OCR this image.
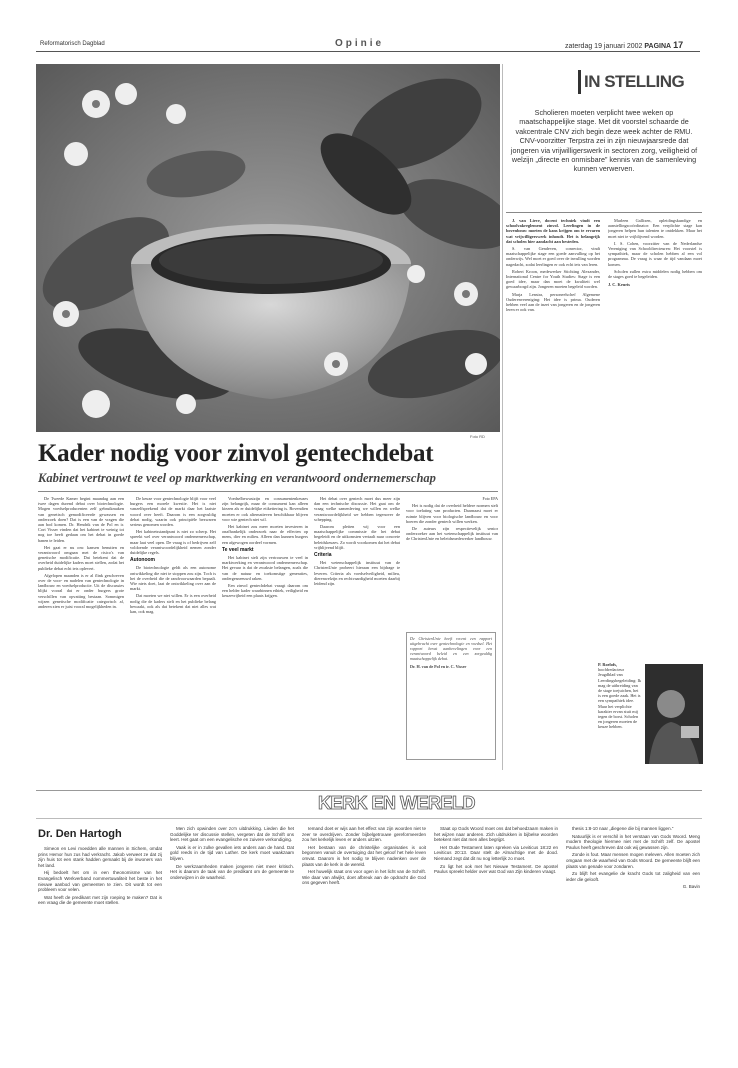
Reformatorisch Dagblad	Opinie	zaterdag 19 januari 2002 PAGINA 17
Foto RD
Kader nodig voor zinvol gentechdebat
Kabinet vertrouwt te veel op marktwerking en verantwoord ondernemerschap

De Tweede Kamer begint maandag aan een twee dagen durend debat over biotechnologie. Mogen voedselproducenten zelf gebruikmaken van genetisch gemodificeerde gewassen en onderzoek doen? Dat is een van de vragen die aan bod komen. Dr. Hendrik van de Pol en ir. Cort Visser vinden dat het kabinet te weinig tot nog toe heeft gedaan om het debat in goede banen te leiden.

Het gaat er nu om: kansen benutten en verantwoord omgaan met de risico's van genetische modificatie. Dat betekent dat de overheid duidelijke kaders moet stellen, zodat het publieke debat echt iets oplevert.

Afgelopen maanden is er al flink geschreven over de voor- en nadelen van gentechnologie in landbouw en voedselproductie. Uit de discussies blijkt vooral dat er onder burgers grote verschillen van opvatting bestaan. Sommigen wijzen genetische modificatie categorisch af, anderen zien er juist vooral mogelijkheden in.

De keuze voor gentechnologie blijft voor veel burgers een morele kwestie. Het is niet vanzelfsprekend dat de markt daar het laatste woord over heeft. Daarom is een zorgvuldig debat nodig, waarin ook principiële bezwaren serieus genomen worden.

Het kabinetsstandpunt is niet zo scherp. Het spreekt wel over verantwoord ondernemerschap, maar laat veel open. De vraag is of bedrijven zelf voldoende verantwoordelijkheid nemen zonder duidelijke regels.

Autonoom

De biotechnologie geldt als een autonome ontwikkeling die niet te stoppen zou zijn. Toch is het de overheid die de randvoorwaarden bepaalt. Wie niets doet, laat de ontwikkeling over aan de markt.

Dat moeten we niet willen. Er is een overheid nodig die de kaders stelt en het publieke belang bewaakt, ook als dat betekent dat niet alles wat kan, ook mag.

Voedselbewustzijn en consumentenkeuzes zijn belangrijk, maar de consument kan alleen kiezen als er duidelijke etikettering is. Bovendien moeten er ook alternatieven beschikbaar blijven voor wie gentech niet wil.

Het kabinet zou meer moeten investeren in onafhankelijk onderzoek naar de effecten op mens, dier en milieu. Alleen dan kunnen burgers een afgewogen oordeel vormen.

Te veel markt

Het kabinet stelt zijn vertrouwen te veel in marktwerking en verantwoord ondernemerschap. Het gevaar is dat de zwakste belangen, zoals die van de natuur en toekomstige generaties, ondergesneeuwd raken.

Een zinvol gentechdebat vraagt daarom om een helder kader waarbinnen ethiek, veiligheid en keuzevrijheid een plaats krijgen.

Het debat over gentech moet dus meer zijn dan een technische discussie. Het gaat om de vraag welke samenleving we willen en welke verantwoordelijkheid we hebben tegenover de schepping.

Daarom pleiten wij voor een maatschappelijke commissie die het debat begeleidt en de uitkomsten vertaalt naar concrete beleidskeuzes. Zo wordt voorkomen dat het debat vrijblijvend blijft.

Criteria

Het wetenschappelijk instituut van de ChristenUnie probeert hieraan een bijdrage te leveren. Criteria als voedselveiligheid, milieu, dierenwelzijn en rechtvaardigheid moeten daarbij leidend zijn.

Foto EPA

Het is nodig dat de overheid heldere normen stelt voor toelating van producten. Daarnaast moet er ruimte blijven voor biologische landbouw en voor boeren die zonder gentech willen werken.

De auteurs zijn respectievelijk senior onderzoeker aan het wetenschappelijk instituut van de ChristenUnie en beleidsmedewerker landbouw.

De ChristenUnie heeft recent een rapport uitgebracht over gentechnologie en voedsel. Het rapport bevat aanbevelingen voor een verantwoord beleid en een zorgvuldig maatschappelijk debat.
Dr. H. van de Pol en ir. C. Visser
IN STELLING
Scholieren moeten verplicht twee weken op maatschappelijke stage. Met dit voorstel schaarde de vakcentrale CNV zich begin deze week achter de RMU. CNV-voorzitter Terpstra zei in zijn nieuwjaarsrede dat jongeren via vrijwilligerswerk in sectoren zorg, veiligheid of welzijn „directe en onmisbare” kennis van de samenleving kunnen verwerven.

J. van Lieve, docent techniek vindt een schoolvakreglement zinvol. Leerlingen in de bovenbouw moeten de kans krijgen om te ervaren wat vrijwilligerswerk inhoudt. Het is belangrijk dat scholen hier aandacht aan besteden.

S. van Gendeven, conrector, vindt maatschappelijke stage een goede aanvulling op het onderwijs. Wel moet er goed over de invulling worden nagedacht, zodat leerlingen er ook echt iets van leren.

Robert Kroon, medewerker Stichting Alexander, International Centre for Youth Studies: Stage is een goed idee, maar dan moet de kwaliteit wel gewaarborgd zijn. Jongeren moeten begeleid worden.

Marja Lenstra, personeelschef Algemene Ouderenvereniging: Het idee is prima. Ouderen hebben veel aan de inzet van jongeren en de jongeren leren er ook van.

Marleen Gallixen, opleidingskundige en aanstellingscoördinator: Een verplichte stage kan jongeren helpen hun talenten te ontdekken. Maar het moet niet te vrijblijvend worden.

I. S. Cohen, voorzitter van de Nederlandse Vereniging van Schooldirecteuren: Het voorstel is sympathiek, maar de scholen hebben al een vol programma. De vraag is waar de tijd vandaan moet komen.

Scholen zullen extra middelen nodig hebben om de stages goed te begeleiden.

J. C. Keuris
P. Roelofs,
hoofdredacteur Jeugdblad van Leerdingsbegeleiding: Ik mag de uitbreiding van de stage toejuichen, het is een goede zaak. Het is een sympathiek idee. Maar het verplichte karakter ervan stuit mij tegen de borst. Scholen en jongeren moeten de keuze hebben.
KERK EN WERELD
Dr. Den Hartogh

Simeon en Levi moedden alle mannen in Sichem, omdat prins Hemor hun zus had verkracht. Jakob verweet ze dat zij zijn huis tot een stank hadden gemaakt bij de inwoners van het land.

Hij bedoelt het om in een theonomisme van het Evangelisch Werkverband nommertuwaliteit het beste in het nieuwe aanbod van gemeenten te zien. Dit wordt tot een probleem voor velen.

Wat heeft de predikant met zijn roeping te maken? Dat is een vraag die de gemeente moet stellen.

Men zich opwinden over zo'n uitdrukking. Lieden die het Goddelijke ter discussie stellen, vergeten dat de Schrift ons leert. Het gaat om een evangelische en zuivere verkondiging.

Vaak is er in zulke gevallen iets anders aan de hand. Dat gold reeds in de tijd van Luther. De kerk moet waakzaam blijven.

De werkzaamheden maken jongeren niet meer kritisch. Het is daarom de taak van de predikant om de gemeente te onderwijzen in de waarheid.

Iemand doet er wijs aan het effect van zijn woorden niet te zeer te overdrijven. Zonder bijbelgetrouwe gereformeerden zou het kerkelijk leven er anders uitzien.

Het bestaan van de christelijke organisaties is ooit begonnen vanuit de overtuiging dat het geloof het hele leven omvat. Daarom is het nodig te blijven nadenken over de plaats van de kerk in de wereld.

Het huwelijk staat ons voor ogen in het licht van de Schrift. Wie daar van afwijkt, doet afbreuk aan de opdracht die God ons gegeven heeft.

Staat op Gods Woord moet ons dat behoedzaam maken in het wijzen naar anderen. Zich uitdrukken in bijbelse woorden betekent niet dat men alles begrijpt.

Het Oude Testament laten spreken via Leviticus 18:22 en Leviticus 20:13. Daar stelt de Almachtige met de dood. Niemand zegt dat dit nu nog letterlijk zo moet.

Zo ligt het ook met het Nieuwe Testament. De apostel Paulus spreekt helder over wat God van Zijn kinderen vraagt.

thesis 1:8-10 naar „diegene die bij mannen liggen.”

Natuurlijk is er verschil in het verstaan van Gods Woord. Meng modern theologie hiermee niet met de Schrift zelf. De apostel Paulus heeft geschreven dat ook wij gewassen zijn.

Zonde is fout. Maar mensen mogen meleven. Allen moeten zich omgaan met de waarheid van Gods Woord. De gemeente blijft een plaats van genade voor zondaren.

Zo blijft het evangelie de kracht Gods tot zaligheid van een ieder die gelooft.

G. Bavin
